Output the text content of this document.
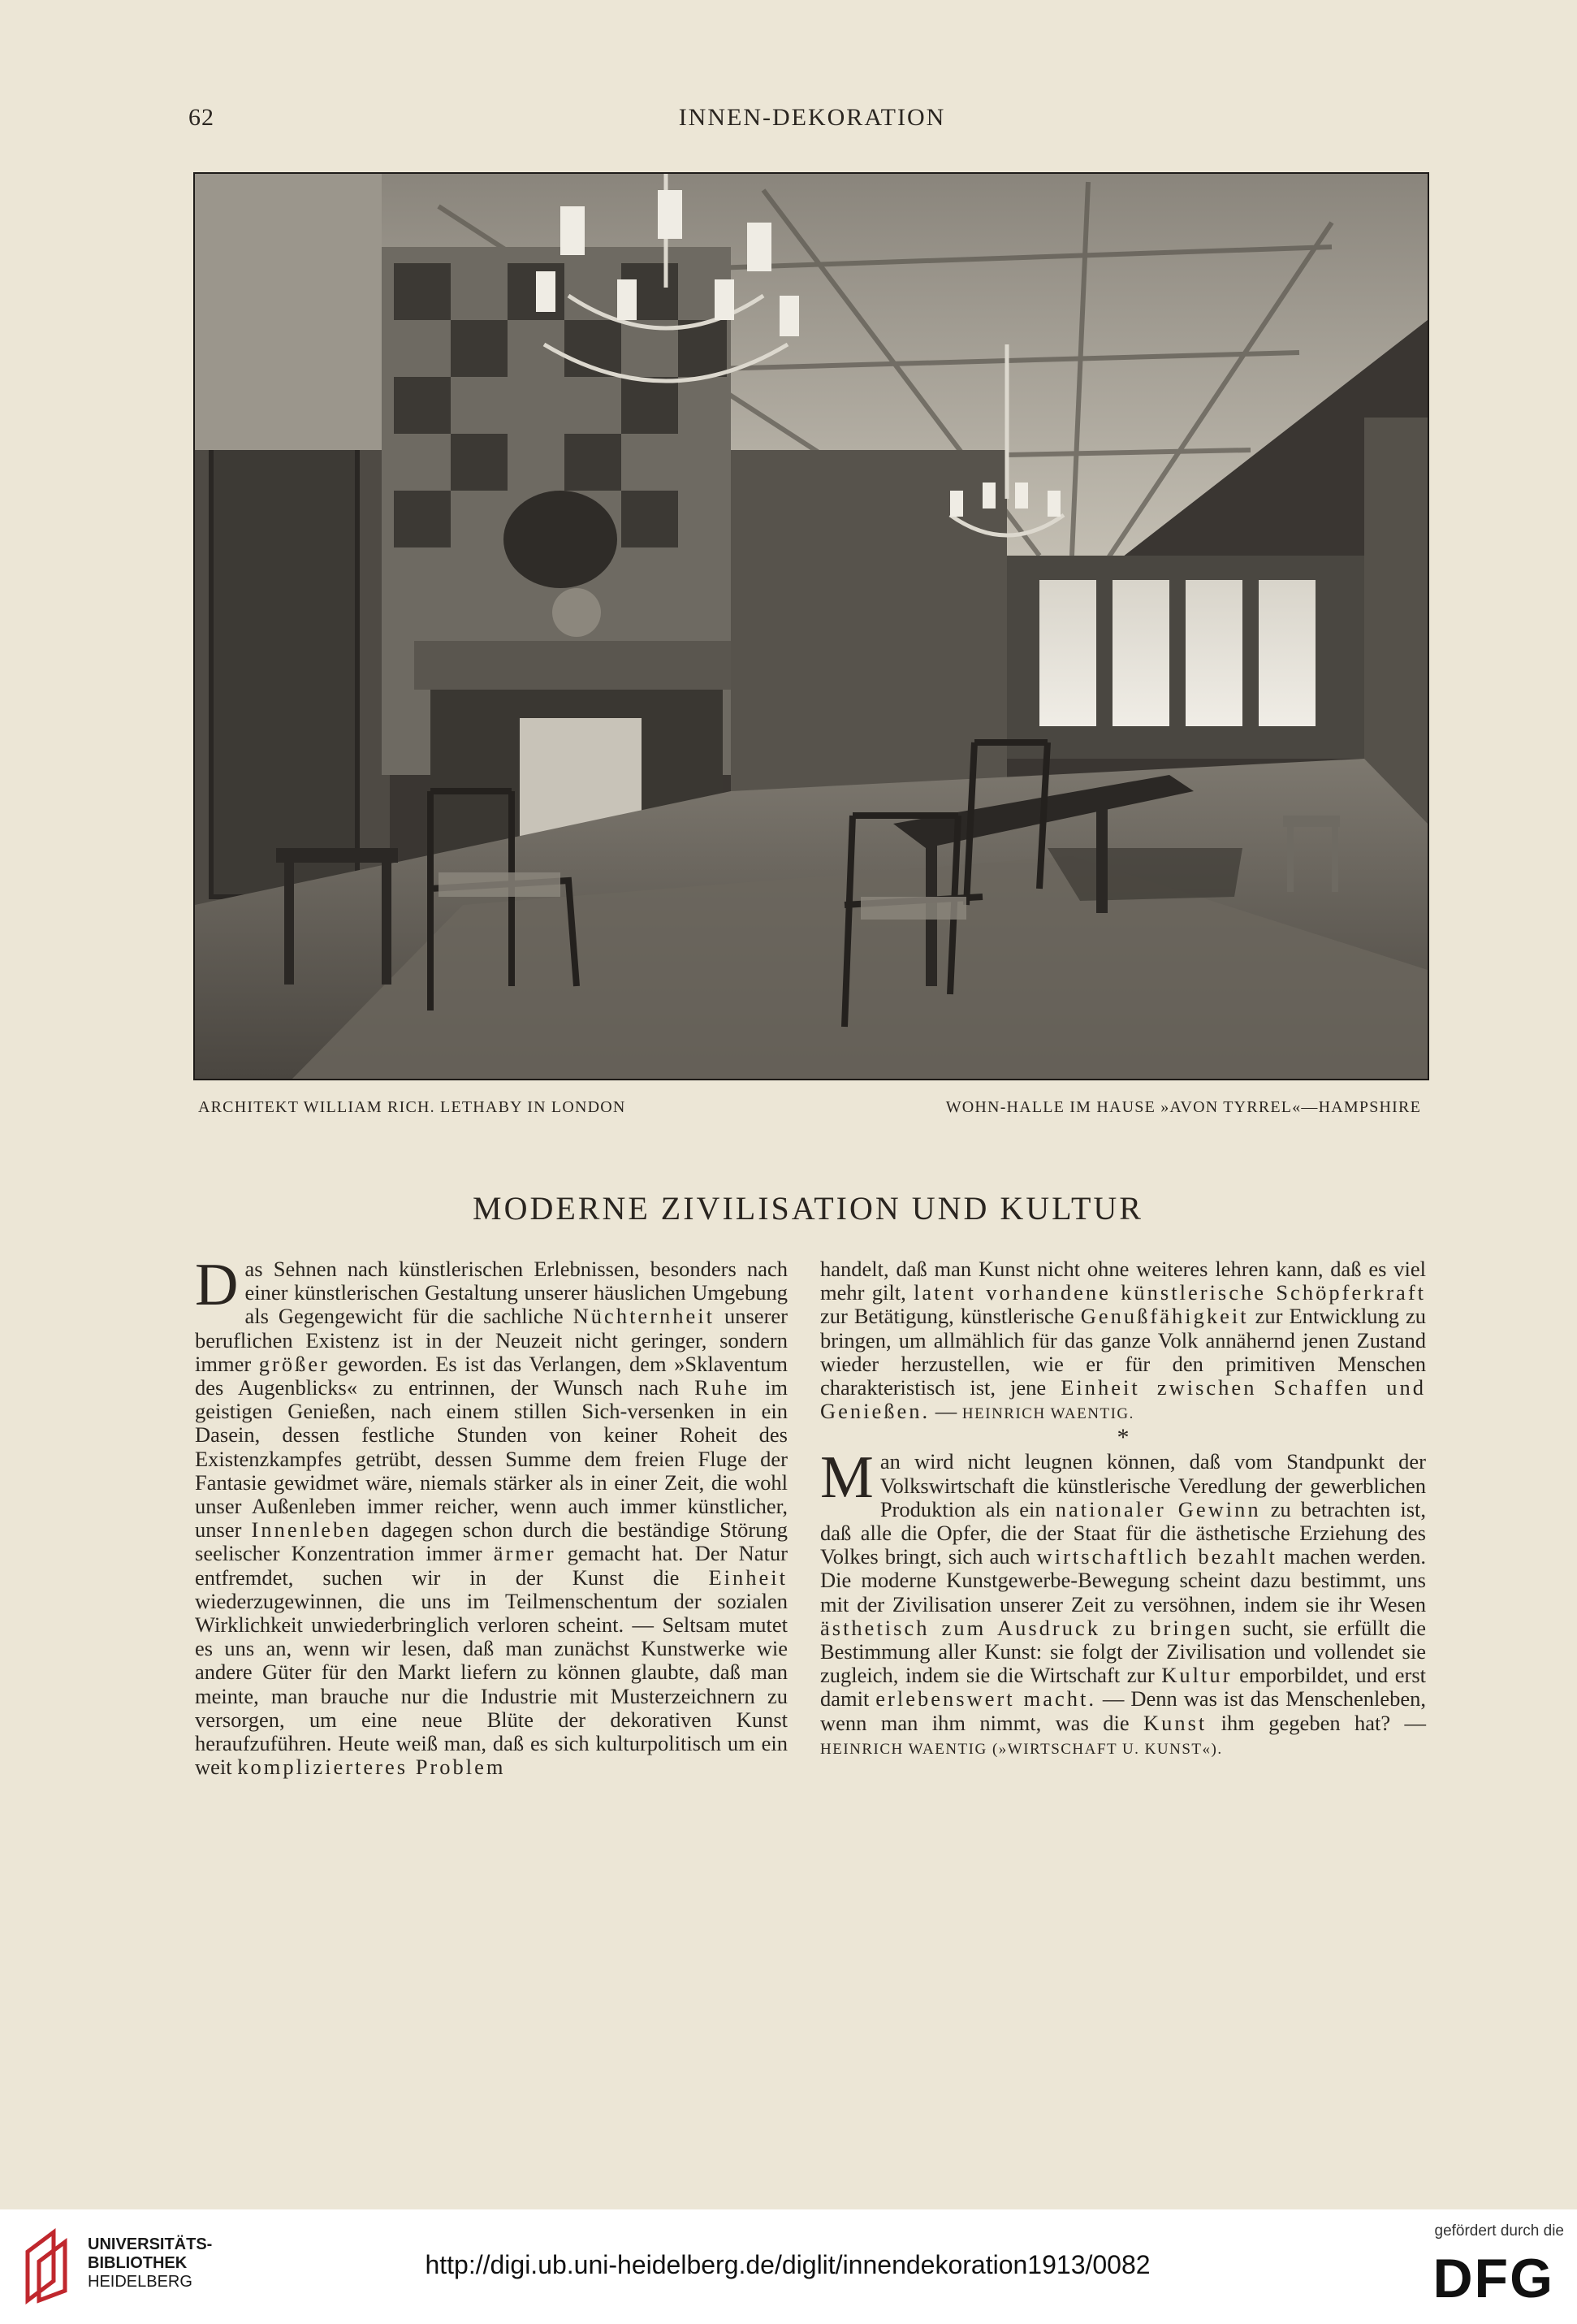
62	INNEN-DEKORATION
ARCHITEKT WILLIAM RICH. LETHABY IN LONDON	WOHN-HALLE IM HAUSE »AVON TYRREL«—HAMPSHIRE
MODERNE ZIVILISATION UND KULTUR

Das Sehnen nach künstlerischen Erlebnissen, besonders nach einer künstlerischen Gestaltung unserer häuslichen Umgebung als Gegengewicht für die sachliche Nüchternheit unserer beruflichen Existenz ist in der Neuzeit nicht geringer, sondern immer größer geworden. Es ist das Verlangen, dem »Sklaventum des Augenblicks« zu entrinnen, der Wunsch nach Ruhe im geistigen Genießen, nach einem stillen Sich-versenken in ein Dasein, dessen festliche Stunden von keiner Roheit des Existenzkampfes getrübt, dessen Summe dem freien Fluge der Fantasie gewidmet wäre, niemals stärker als in einer Zeit, die wohl unser Außenleben immer reicher, wenn auch immer künstlicher, unser Innenleben dagegen schon durch die beständige Störung seelischer Konzentration immer ärmer gemacht hat. Der Natur entfremdet, suchen wir in der Kunst die Einheit wiederzugewinnen, die uns im Teilmenschentum der sozialen Wirklichkeit unwiederbringlich verloren scheint. — Seltsam mutet es uns an, wenn wir lesen, daß man zunächst Kunstwerke wie andere Güter für den Markt liefern zu können glaubte, daß man meinte, man brauche nur die Industrie mit Musterzeichnern zu versorgen, um eine neue Blüte der dekorativen Kunst heraufzuführen. Heute weiß man, daß es sich kulturpolitisch um ein weit komplizierteres Problem

handelt, daß man Kunst nicht ohne weiteres lehren kann, daß es viel mehr gilt, latent vorhandene künstlerische Schöpferkraft zur Betätigung, künstlerische Genußfähigkeit zur Entwicklung zu bringen, um allmählich für das ganze Volk annähernd jenen Zustand wieder herzustellen, wie er für den primitiven Menschen charakteristisch ist, jene Einheit zwischen Schaffen und Genießen. — HEINRICH WAENTIG.

*

Man wird nicht leugnen können, daß vom Standpunkt der Volkswirtschaft die künstlerische Veredlung der gewerblichen Produktion als ein nationaler Gewinn zu betrachten ist, daß alle die Opfer, die der Staat für die ästhetische Erziehung des Volkes bringt, sich auch wirtschaftlich bezahlt machen werden. Die moderne Kunstgewerbe-Bewegung scheint dazu bestimmt, uns mit der Zivilisation unserer Zeit zu versöhnen, indem sie ihr Wesen ästhetisch zum Ausdruck zu bringen sucht, sie erfüllt die Bestimmung aller Kunst: sie folgt der Zivilisation und vollendet sie zugleich, indem sie die Wirtschaft zur Kultur emporbildet, und erst damit erlebenswert macht. — Denn was ist das Menschenleben, wenn man ihm nimmt, was die Kunst ihm gegeben hat? — HEINRICH WAENTIG (»WIRTSCHAFT U. KUNST«).

UNIVERSITÄTS-
BIBLIOTHEK
HEIDELBERG
http://digi.ub.uni-heidelberg.de/diglit/innendekoration1913/0082
gefördert durch die
DFG
